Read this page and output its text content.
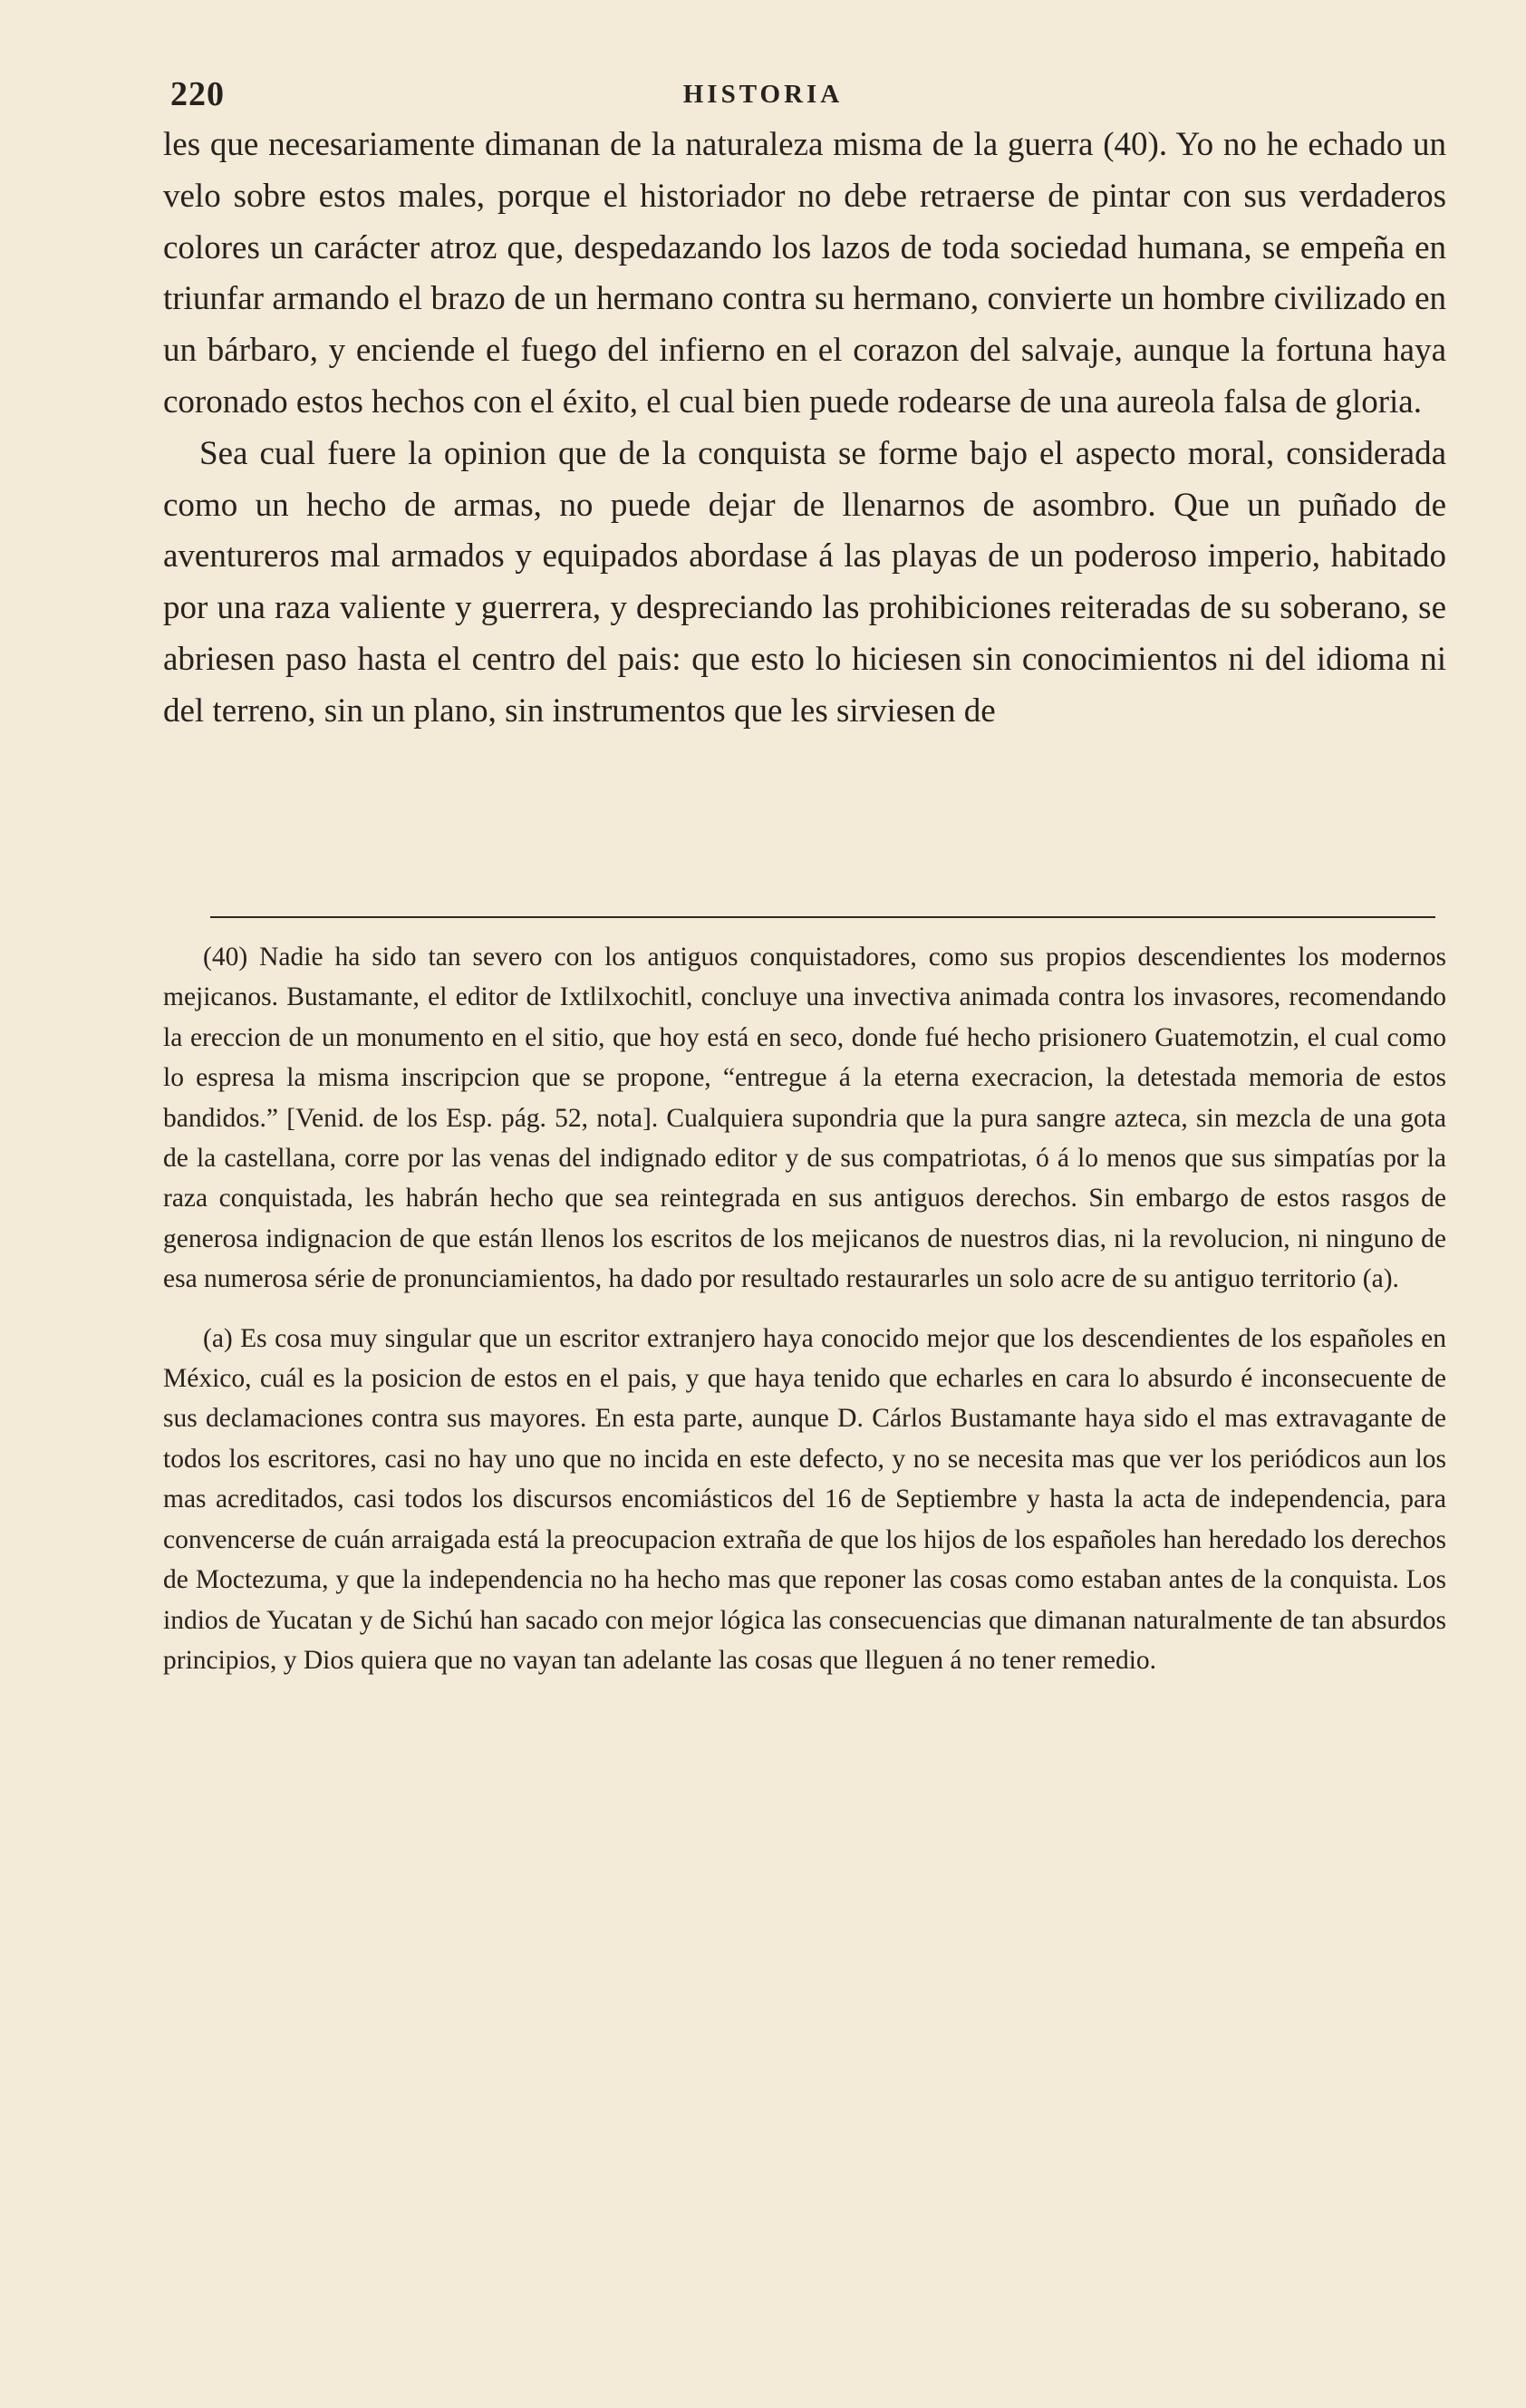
220	HISTORIA

les que necesariamente dimanan de la naturaleza misma de la guerra (40). Yo no he echado un velo sobre estos males, porque el historiador no debe retraerse de pintar con sus verdaderos colores un carácter atroz que, despedazando los lazos de toda sociedad humana, se empeña en triunfar armando el brazo de un hermano contra su hermano, convierte un hombre civilizado en un bárbaro, y enciende el fuego del infierno en el corazon del salvaje, aunque la fortuna haya coronado estos hechos con el éxito, el cual bien puede rodearse de una aureola falsa de gloria.

Sea cual fuere la opinion que de la conquista se forme bajo el aspecto moral, considerada como un hecho de armas, no puede dejar de llenarnos de asombro. Que un puñado de aventureros mal armados y equipados abordase á las playas de un poderoso imperio, habitado por una raza valiente y guerrera, y despreciando las prohibiciones reiteradas de su soberano, se abriesen paso hasta el centro del pais: que esto lo hiciesen sin conocimientos ni del idioma ni del terreno, sin un plano, sin instrumentos que les sirviesen de

(40) Nadie ha sido tan severo con los antiguos conquistadores, como sus propios descendientes los modernos mejicanos. Bustamante, el editor de Ixtlilxochitl, concluye una invectiva animada contra los invasores, recomendando la ereccion de un monumento en el sitio, que hoy está en seco, donde fué hecho prisionero Guatemotzin, el cual como lo espresa la misma inscripcion que se propone, “entregue á la eterna execracion, la detestada memoria de estos bandidos.” [Venid. de los Esp. pág. 52, nota]. Cualquiera supondria que la pura sangre azteca, sin mezcla de una gota de la castellana, corre por las venas del indignado editor y de sus compatriotas, ó á lo menos que sus simpatías por la raza conquistada, les habrán hecho que sea reintegrada en sus antiguos derechos. Sin embargo de estos rasgos de generosa indignacion de que están llenos los escritos de los mejicanos de nuestros dias, ni la revolucion, ni ninguno de esa numerosa série de pronunciamientos, ha dado por resultado restaurarles un solo acre de su antiguo territorio (a).

(a) Es cosa muy singular que un escritor extranjero haya conocido mejor que los descendientes de los españoles en México, cuál es la posicion de estos en el pais, y que haya tenido que echarles en cara lo absurdo é inconsecuente de sus declamaciones contra sus mayores. En esta parte, aunque D. Cárlos Bustamante haya sido el mas extravagante de todos los escritores, casi no hay uno que no incida en este defecto, y no se necesita mas que ver los periódicos aun los mas acreditados, casi todos los discursos encomiásticos del 16 de Septiembre y hasta la acta de independencia, para convencerse de cuán arraigada está la preocupacion extraña de que los hijos de los españoles han heredado los derechos de Moctezuma, y que la independencia no ha hecho mas que reponer las cosas como estaban antes de la conquista. Los indios de Yucatan y de Sichú han sacado con mejor lógica las consecuencias que dimanan naturalmente de tan absurdos principios, y Dios quiera que no vayan tan adelante las cosas que lleguen á no tener remedio.
